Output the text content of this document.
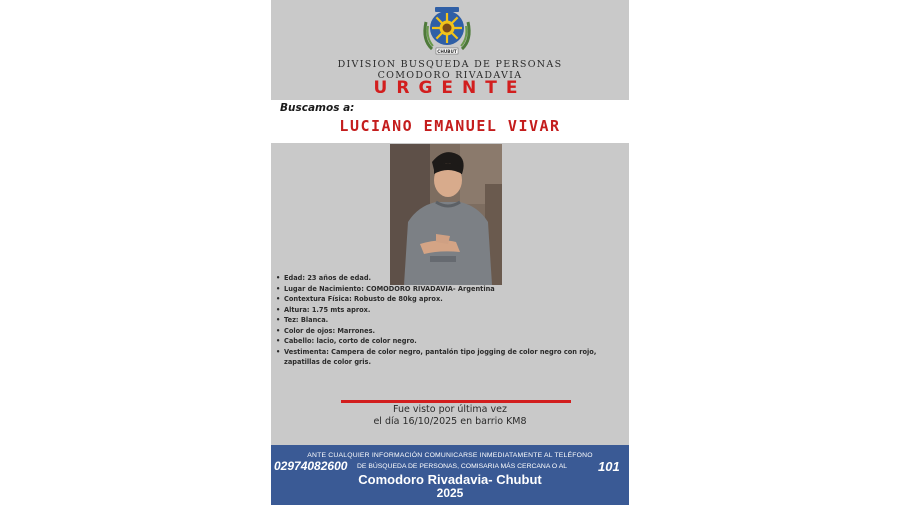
CHUBUT
DIVISION BUSQUEDA DE PERSONAS
COMODORO RIVADAVIA
URGENTE
Buscamos a:
LUCIANO EMANUEL VIVAR
• Edad: 23 años de edad.
• Lugar de Nacimiento: COMODORO RIVADAVIA- Argentina
• Contextura Física: Robusto de 80kg aprox.
• Altura: 1.75 mts aprox.
• Tez: Blanca.
• Color de ojos: Marrones.
• Cabello: lacio, corto de color negro.
• Vestimenta: Campera de color negro, pantalón tipo jogging de color negro con rojo, zapatillas de color gris.
Fue visto por última vez
el día 16/10/2025 en barrio KM8
ANTE CUALQUIER INFORMACIÓN COMUNICARSE INMEDIATAMENTE AL TELÉFONO
02974082600 DE BÚSQUEDA DE PERSONAS, COMISARIA MÁS CERCANA O AL 101
Comodoro Rivadavia- Chubut
2025
